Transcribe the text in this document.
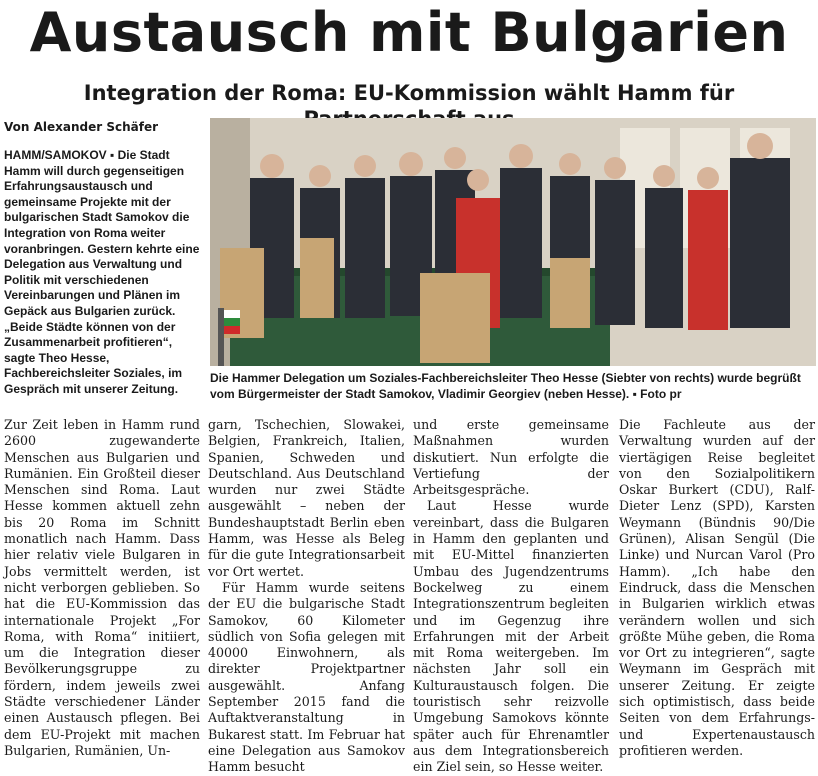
Austausch mit Bulgarien
Integration der Roma: EU-Kommission wählt Hamm für

Von Alexander Schäfer

HAMM/SAMOKOV ▪ Die Stadt Hamm will durch gegenseitigen Erfahrungsaustausch und gemeinsame Projekte mit der bulgarischen Stadt Samokov die Integration von Roma weiter voranbringen. Gestern kehrte eine Delegation aus Verwaltung und Politik mit verschiedenen Vereinbarungen und Plänen im Gepäck aus Bulgarien zurück. „Beide Städte können von der Zusammenarbeit profitieren“, sagte Theo Hesse, Fachbereichsleiter Soziales, im Gespräch mit unserer Zeitung.

Die Hammer Delegation um Soziales-Fachbereichsleiter Theo Hesse (Siebter von rechts) wurde begrüßt vom Bürgermeister der Stadt Samokov, Vladimir Georgiev (neben Hesse). ▪ Foto pr

Zur Zeit leben in Hamm rund 2600 zugewanderte Menschen aus Bulgarien und Rumänien. Ein Großteil dieser Menschen sind Roma. Laut Hesse kommen aktuell zehn bis 20 Roma im Schnitt monatlich nach Hamm. Dass hier relativ viele Bulgaren in Jobs vermittelt werden, ist nicht verborgen geblieben. So hat die EU-Kommission das internationale Projekt „For Roma, with Roma“ initiiert, um die Integration dieser Bevölkerungsgruppe zu fördern, indem jeweils zwei Städte verschiedener Länder einen Austausch pflegen. Bei dem EU-Projekt mit machen Bulgarien, Rumänien, Un-

garn, Tschechien, Slowakei, Belgien, Frankreich, Italien, Spanien, Schweden und Deutschland. Aus Deutschland wurden nur zwei Städte ausgewählt – neben der Bundeshauptstadt Berlin eben Hamm, was Hesse als Beleg für die gute Integrationsarbeit vor Ort wertet.

Für Hamm wurde seitens der EU die bulgarische Stadt Samokov, 60 Kilometer südlich von Sofia gelegen mit 40000 Einwohnern, als direkter Projektpartner ausgewählt. Anfang September 2015 fand die Auftaktveranstaltung in Bukarest statt. Im Februar hat eine Delegation aus Samokov Hamm besucht

und erste gemeinsame Maßnahmen wurden diskutiert. Nun erfolgte die Vertiefung der Arbeitsgespräche.

Laut Hesse wurde vereinbart, dass die Bulgaren in Hamm den geplanten und mit EU-Mittel finanzierten Umbau des Jugendzentrums Bockelweg zu einem Integrationszentrum begleiten und im Gegenzug ihre Erfahrungen mit der Arbeit mit Roma weitergeben. Im nächsten Jahr soll ein Kulturaustausch folgen. Die touristisch sehr reizvolle Umgebung Samokovs könnte später auch für Ehrenamtler aus dem Integrationsbereich ein Ziel sein, so Hesse weiter.

Die Fachleute aus der Verwaltung wurden auf der viertägigen Reise begleitet von den Sozialpolitikern Oskar Burkert (CDU), Ralf-Dieter Lenz (SPD), Karsten Weymann (Bündnis 90/Die Grünen), Alisan Sengül (Die Linke) und Nurcan Varol (Pro Hamm). „Ich habe den Eindruck, dass die Menschen in Bulgarien wirklich etwas verändern wollen und sich größte Mühe geben, die Roma vor Ort zu integrieren“, sagte Weymann im Gespräch mit unserer Zeitung. Er zeigte sich optimistisch, dass beide Seiten von dem Erfahrungs- und Expertenaustausch profitieren werden.
